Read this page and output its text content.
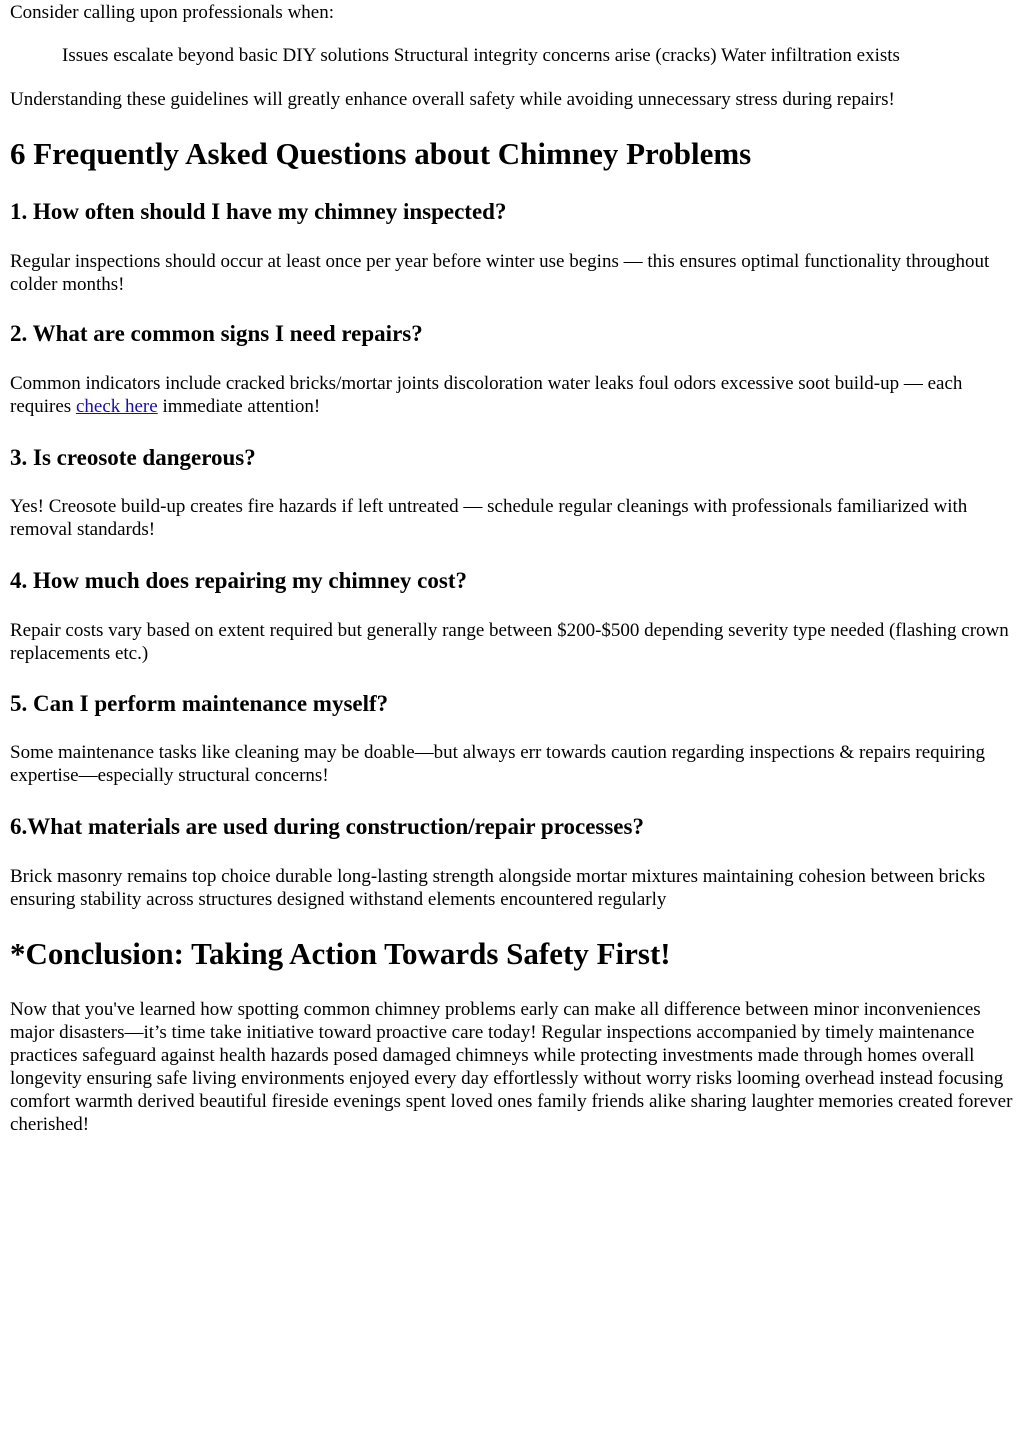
Consider calling upon professionals when:

Issues escalate beyond basic DIY solutions Structural integrity concerns arise (cracks) Water infiltration exists

Understanding these guidelines will greatly enhance overall safety while avoiding unnecessary stress during repairs!

6 Frequently Asked Questions about Chimney Problems
1. How often should I have my chimney inspected?

Regular inspections should occur at least once per year before winter use begins — this ensures optimal functionality throughout colder months!

2. What are common signs I need repairs?

Common indicators include cracked bricks/mortar joints discoloration water leaks foul odors excessive soot build-up — each requires check here immediate attention!

3. Is creosote dangerous?

Yes! Creosote build-up creates fire hazards if left untreated — schedule regular cleanings with professionals familiarized with removal standards!

4. How much does repairing my chimney cost?

Repair costs vary based on extent required but generally range between $200-$500 depending severity type needed (flashing crown replacements etc.)

5. Can I perform maintenance myself?

Some maintenance tasks like cleaning may be doable—but always err towards caution regarding inspections & repairs requiring expertise—especially structural concerns!

6.What materials are used during construction/repair processes?

Brick masonry remains top choice durable long-lasting strength alongside mortar mixtures maintaining cohesion between bricks ensuring stability across structures designed withstand elements encountered regularly

*Conclusion: Taking Action Towards Safety First!

Now that you've learned how spotting common chimney problems early can make all difference between minor inconveniences major disasters—it’s time take initiative toward proactive care today! Regular inspections accompanied by timely maintenance practices safeguard against health hazards posed damaged chimneys while protecting investments made through homes overall longevity ensuring safe living environments enjoyed every day effortlessly without worry risks looming overhead instead focusing comfort warmth derived beautiful fireside evenings spent loved ones family friends alike sharing laughter memories created forever cherished!
